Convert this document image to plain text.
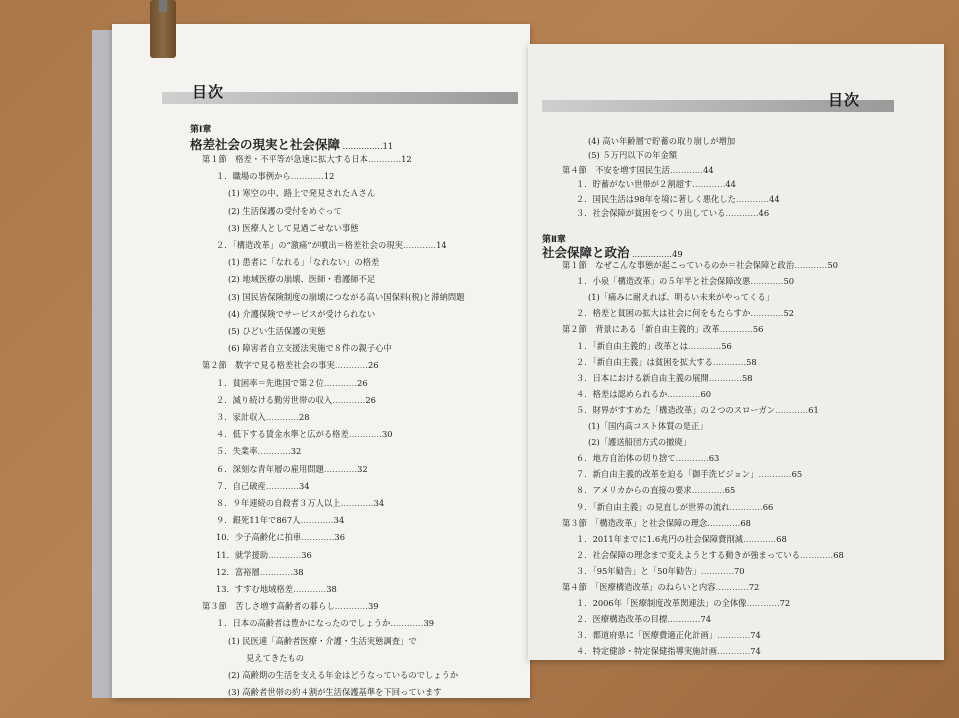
目次
第Ⅰ章
格差社会の現実と社会保障 ……………11
第１節　格差・不平等が急速に拡大する日本…………12
１．職場の事例から…………12
(1) 寒空の中、路上で発見されたＡさん
(2) 生活保護の受付をめぐって
(3) 医療人として見過ごせない事態
２．「構造改革」の“激痛”が噴出＝格差社会の現実…………14
(1) 患者に「なれる」「なれない」の格差
(2) 地域医療の崩壊、医師・看護師不足
(3) 国民皆保険制度の崩壊につながる高い国保料(税)と滞納問題
(4) 介護保険でサービスが受けられない
(5) ひどい生活保護の実態
(6) 障害者自立支援法実施で８件の親子心中
第２節　数字で見る格差社会の事実…………26
１．貧困率＝先進国で第２位…………26
２．減り続ける勤労世帯の収入…………26
３．家計収入…………28
４．低下する賃金水準と広がる格差…………30
５．失業率…………32
６．深刻な青年層の雇用問題…………32
７．自己破産…………34
８．９年連続の自殺者３万人以上…………34
９．銀死11年で867人…………34
10．少子高齢化に拍車…………36
11．就学援助…………36
12．富裕層…………38
13．すすむ地域格差…………38
第３節　苦しさ増す高齢者の暮らし…………39
１．日本の高齢者は豊かになったのでしょうか…………39
(1) 民医連「高齢者医療・介護・生活実態調査」で
見えてきたもの
(2) 高齢期の生活を支える年金はどうなっているのでしょうか
(3) 高齢者世帯の約４割が生活保護基準を下回っています
目次
(4) 高い年齢層で貯蓄の取り崩しが増加
(5) ５万円以下の年金額
第４節　不安を増す国民生活…………44
１．貯蓄がない世帯が２割超す…………44
２．国民生活は98年を境に著しく悪化した…………44
３．社会保障が貧困をつくり出している…………46
第Ⅱ章
社会保障と政治 ……………49
第１節　なぜこんな事態が起こっているのか＝社会保障と政治…………50
１．小泉「構造改革」の５年半と社会保障改悪…………50
(1)「痛みに耐えれば、明るい未来がやってくる」
２．格差と貧困の拡大は社会に何をもたらすか…………52
第２節　背景にある「新自由主義的」改革…………56
１．「新自由主義的」改革とは…………56
２．「新自由主義」は貧困を拡大する…………58
３．日本における新自由主義の展開…………58
４．格差は認められるか…………60
５．財界がすすめた「構造改革」の２つのスローガン…………61
(1)「国内高コスト体質の是正」
(2)「護送船団方式の撤廃」
６．地方自治体の切り捨て…………63
７．新自由主義的改革を迫る「御手洗ビジョン」…………65
８．アメリカからの直接の要求…………65
９．「新自由主義」の見直しが世界の流れ…………66
第３節　「構造改革」と社会保障の理念…………68
１．2011年までに1.6兆円の社会保障費削減…………68
２．社会保障の理念まで変えようとする動きが強まっている…………68
３．「95年勧告」と「50年勧告」…………70
第４節　「医療構造改革」のねらいと内容…………72
１．2006年「医療制度改革関連法」の全体像…………72
２．医療構造改革の目標…………74
３．都道府県に「医療費適正化計画」…………74
４．特定健診・特定保健指導実施計画…………74
